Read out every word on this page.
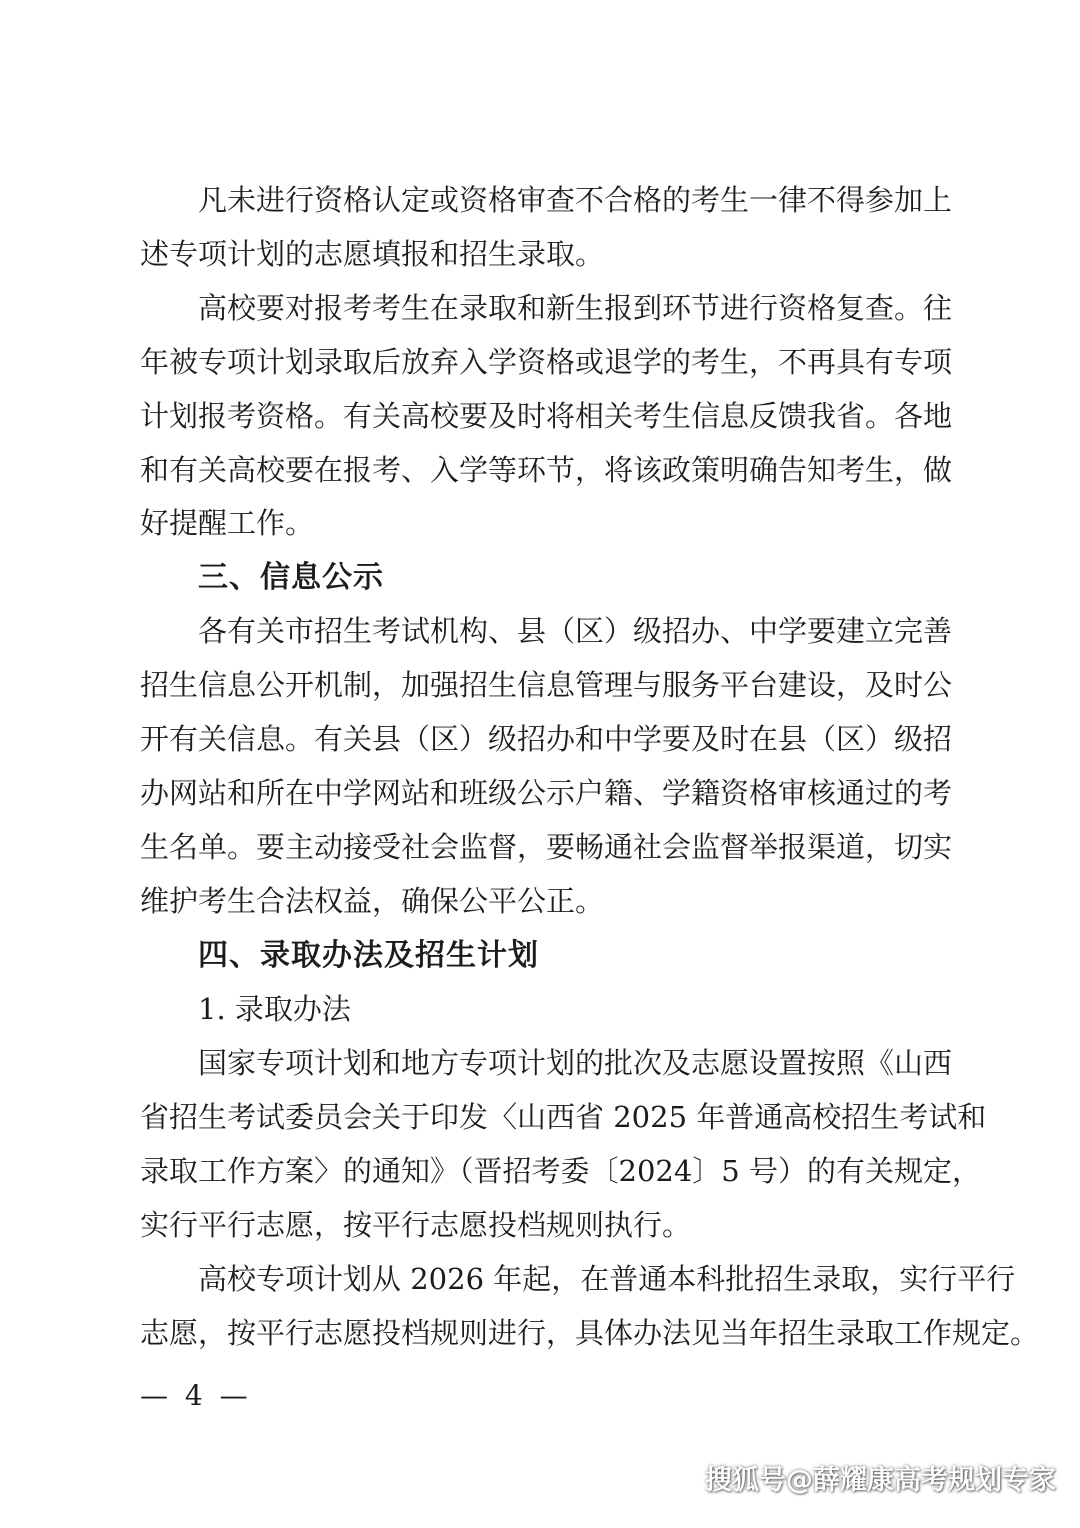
凡未进行资格认定或资格审查不合格的考生一律不得参加上
述专项计划的志愿填报和招生录取。
高校要对报考考生在录取和新生报到环节进行资格复查。往
年被专项计划录取后放弃入学资格或退学的考生，不再具有专项
计划报考资格。有关高校要及时将相关考生信息反馈我省。各地
和有关高校要在报考、入学等环节，将该政策明确告知考生，做
好提醒工作。
三、信息公示
各有关市招生考试机构、县（区）级招办、中学要建立完善
招生信息公开机制，加强招生信息管理与服务平台建设，及时公
开有关信息。有关县（区）级招办和中学要及时在县（区）级招
办网站和所在中学网站和班级公示户籍、学籍资格审核通过的考
生名单。要主动接受社会监督，要畅通社会监督举报渠道，切实
维护考生合法权益，确保公平公正。
四、录取办法及招生计划
1. 录取办法
国家专项计划和地方专项计划的批次及志愿设置按照《山西
省招生考试委员会关于印发〈山西省 2025 年普通高校招生考试和
录取工作方案〉的通知》（晋招考委〔2024〕5 号）的有关规定，
实行平行志愿，按平行志愿投档规则执行。
高校专项计划从 2026 年起，在普通本科批招生录取，实行平行
志愿，按平行志愿投档规则进行，具体办法见当年招生录取工作规定。
— 4 —
搜狐号@薛耀康高考规划专家
